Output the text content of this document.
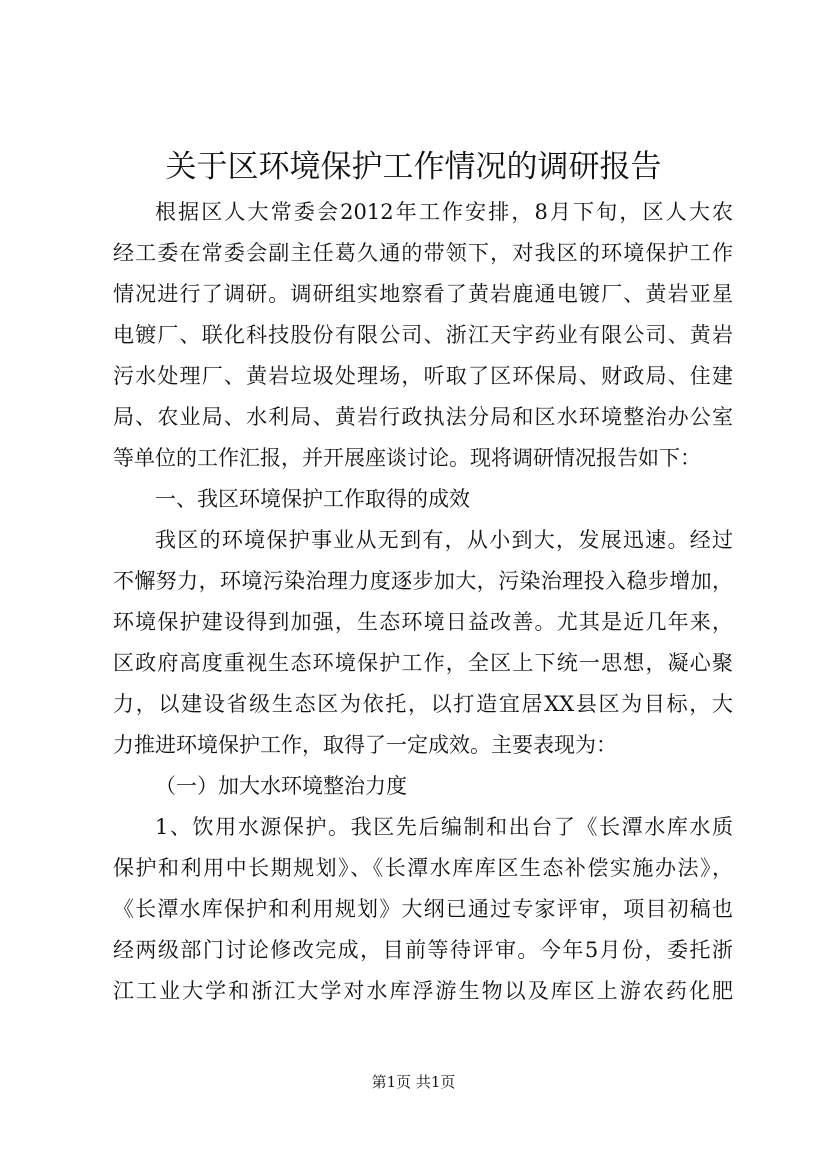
关于区环境保护工作情况的调研报告
根据区人大常委会2012年工作安排，8月下旬，区人大农
经工委在常委会副主任葛久通的带领下，对我区的环境保护工作
情况进行了调研。调研组实地察看了黄岩鹿通电镀厂、黄岩亚星
电镀厂、联化科技股份有限公司、浙江天宇药业有限公司、黄岩
污水处理厂、黄岩垃圾处理场，听取了区环保局、财政局、住建
局、农业局、水利局、黄岩行政执法分局和区水环境整治办公室
等单位的工作汇报，并开展座谈讨论。现将调研情况报告如下：
一、我区环境保护工作取得的成效
我区的环境保护事业从无到有，从小到大，发展迅速。经过
不懈努力，环境污染治理力度逐步加大，污染治理投入稳步增加，
环境保护建设得到加强，生态环境日益改善。尤其是近几年来，
区政府高度重视生态环境保护工作，全区上下统一思想，凝心聚
力，以建设省级生态区为依托，以打造宜居XX县区为目标，大
力推进环境保护工作，取得了一定成效。主要表现为：
（一）加大水环境整治力度
1、饮用水源保护。我区先后编制和出台了《长潭水库水质
保护和利用中长期规划》、《长潭水库库区生态补偿实施办法》，
《长潭水库保护和利用规划》大纲已通过专家评审，项目初稿也
经两级部门讨论修改完成，目前等待评审。今年5月份，委托浙
江工业大学和浙江大学对水库浮游生物以及库区上游农药化肥
第1页 共1页
